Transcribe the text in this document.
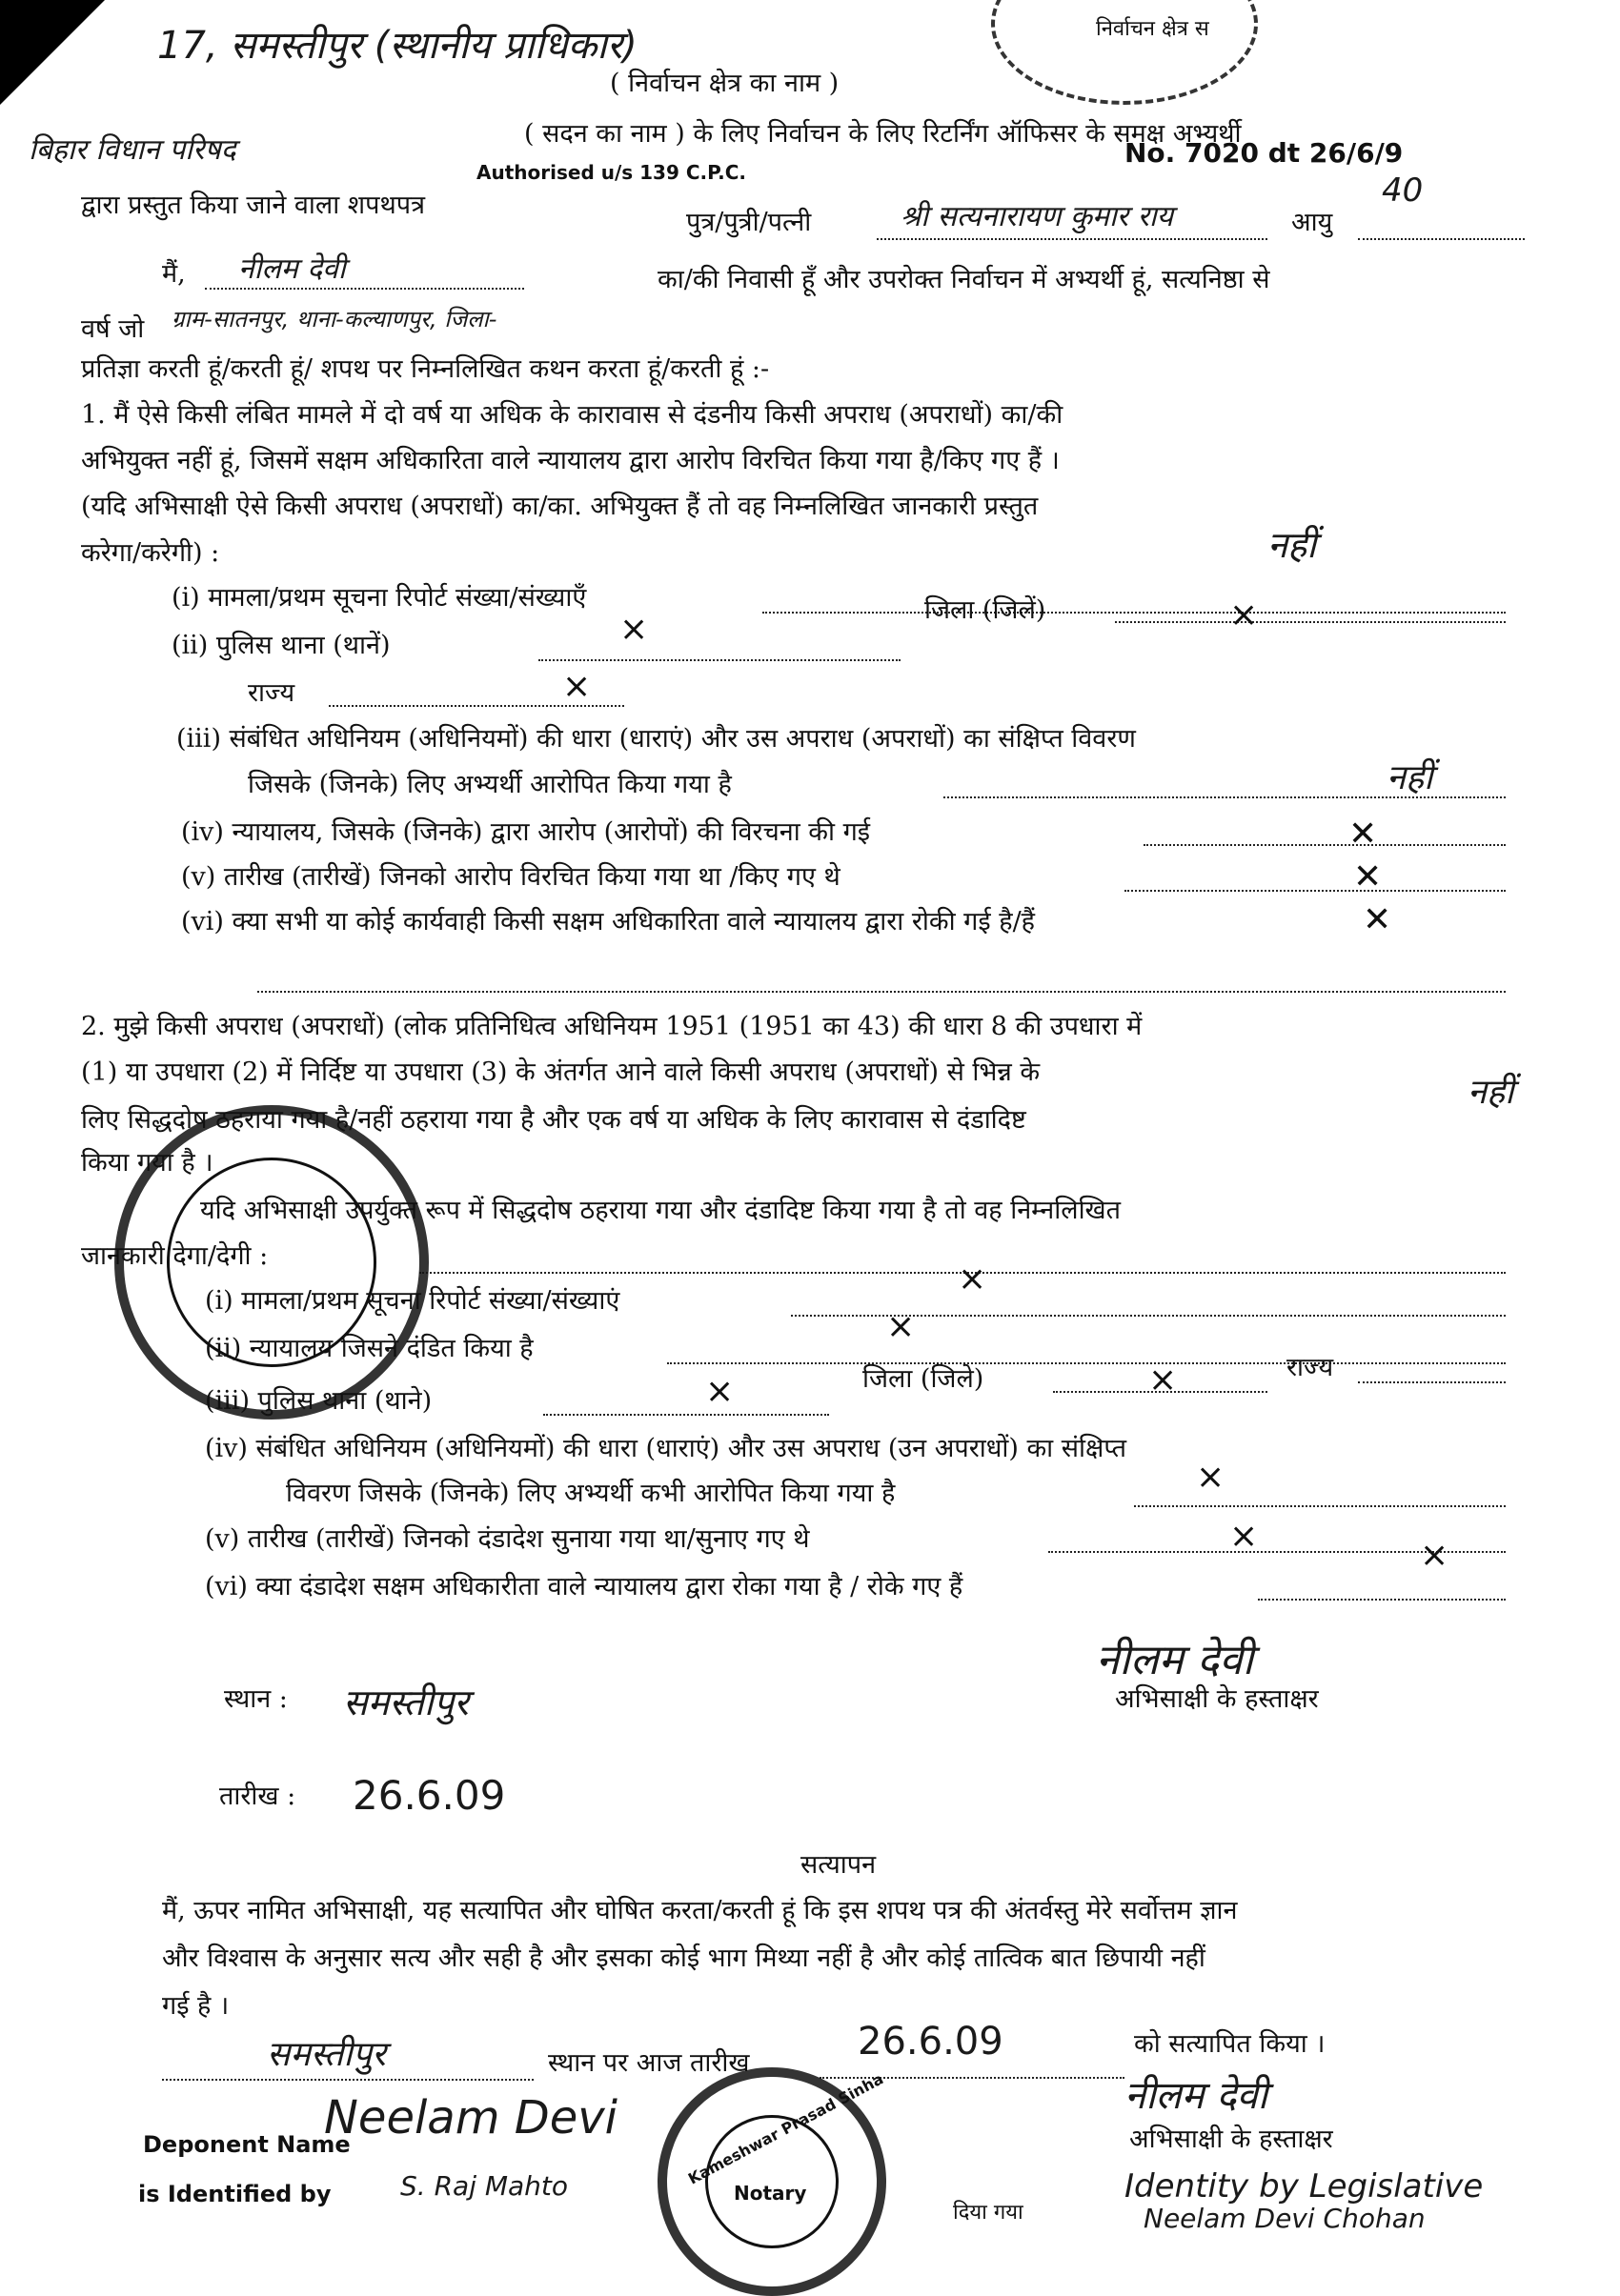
17, समस्तीपुर (स्थानीय प्राधिकार)	निर्वाचन क्षेत्र स
( निर्वाचन क्षेत्र का नाम )
बिहार विधान परिषद	( सदन का नाम ) के लिए निर्वाचन के लिए रिटर्निंग ऑफिसर के समक्ष अभ्यर्थी
Authorised u/s 139 C.P.C.
No. 7020 dt 26/6/9
40
द्वारा प्रस्तुत किया जाने वाला शपथपत्र
पुत्र/पुत्री/पत्नी	श्री सत्यनारायण कुमार राय	आयु
मैं, नीलम देवी	का/की निवासी हूँ और उपरोक्त निर्वाचन में अभ्यर्थी हूं, सत्यनिष्ठा से
वर्ष जो ग्राम-सातनपुर, थाना-कल्याणपुर, जिला-
प्रतिज्ञा करती हूं/करती हूं/ शपथ पर निम्नलिखित कथन करता हूं/करती हूं :-
1. मैं ऐसे किसी लंबित मामले में दो वर्ष या अधिक के कारावास से दंडनीय किसी अपराध (अपराधों) का/की
अभियुक्त नहीं हूं, जिसमें सक्षम अधिकारिता वाले न्यायालय द्वारा आरोप विरचित किया गया है/किए गए हैं ।
(यदि अभिसाक्षी ऐसे किसी अपराध (अपराधों) का/का. अभियुक्त हैं तो वह निम्नलिखित जानकारी प्रस्तुत
करेगा/करेगी) :	नहीं
(i) मामला/प्रथम सूचना रिपोर्ट संख्या/संख्याएँ
(ii) पुलिस थाना (थानें)	⨯	जिला (जिलें)	⨯
राज्य	⨯
(iii) संबंधित अधिनियम (अधिनियमों) की धारा (धाराएं) और उस अपराध (अपराधों) का संक्षिप्त विवरण
जिसके (जिनके) लिए अभ्यर्थी आरोपित किया गया है	नहीं
(iv) न्यायालय, जिसके (जिनके) द्वारा आरोप (आरोपों) की विरचना की गई	✕
(v) तारीख (तारीखें) जिनको आरोप विरचित किया गया था /किए गए थे	✕
(vi) क्या सभी या कोई कार्यवाही किसी सक्षम अधिकारिता वाले न्यायालय द्वारा रोकी गई है/हैं	✕
2. मुझे किसी अपराध (अपराधों) (लोक प्रतिनिधित्व अधिनियम 1951 (1951 का 43) की धारा 8 की उपधारा में
(1) या उपधारा (2) में निर्दिष्ट या उपधारा (3) के अंतर्गत आने वाले किसी अपराध (अपराधों) से भिन्न के
लिए सिद्धदोष ठहराया गया है/नहीं ठहराया गया है और एक वर्ष या अधिक के लिए कारावास से दंडादिष्ट
नहीं
किया गया है ।
यदि अभिसाक्षी उपर्युक्त रूप में सिद्धदोष ठहराया गया और दंडादिष्ट किया गया है तो वह निम्नलिखित
जानकारी देगा/देगी :
(i) मामला/प्रथम सूचना रिपोर्ट संख्या/संख्याएं
⨯
(ii) न्यायालय जिसने दंडित किया है
⨯
(iii) पुलिस थाना (थाने)	⨯	जिला (जिले)	⨯	राज्य
(iv) संबंधित अधिनियम (अधिनियमों) की धारा (धाराएं) और उस अपराध (उन अपराधों) का संक्षिप्त
विवरण जिसके (जिनके) लिए अभ्यर्थी कभी आरोपित किया गया है	⨯
(v) तारीख (तारीखें) जिनको दंडादेश सुनाया गया था/सुनाए गए थे	⨯
(vi) क्या दंडादेश सक्षम अधिकारीता वाले न्यायालय द्वारा रोका गया है / रोके गए हैं
⨯
नीलम देवी
अभिसाक्षी के हस्ताक्षर
स्थान : समस्तीपुर
तारीख : 26.6.09
सत्यापन
मैं, ऊपर नामित अभिसाक्षी, यह सत्यापित और घोषित करता/करती हूं कि इस शपथ पत्र की अंतर्वस्तु मेरे सर्वोत्तम ज्ञान
और विश्वास के अनुसार सत्य और सही है और इसका कोई भाग मिथ्या नहीं है और कोई तात्विक बात छिपायी नहीं
गई है ।
समस्तीपुर	स्थान पर आज तारीख	26.6.09	को सत्यापित किया ।
नीलम देवी
अभिसाक्षी के हस्ताक्षर
Deponent Name
Neelam Devi
is Identified by	S. Raj Mahto	Kameshwar Prasad Sinha
Notary	Identity by Legislative
Neelam Devi Chohan
दिया गया
